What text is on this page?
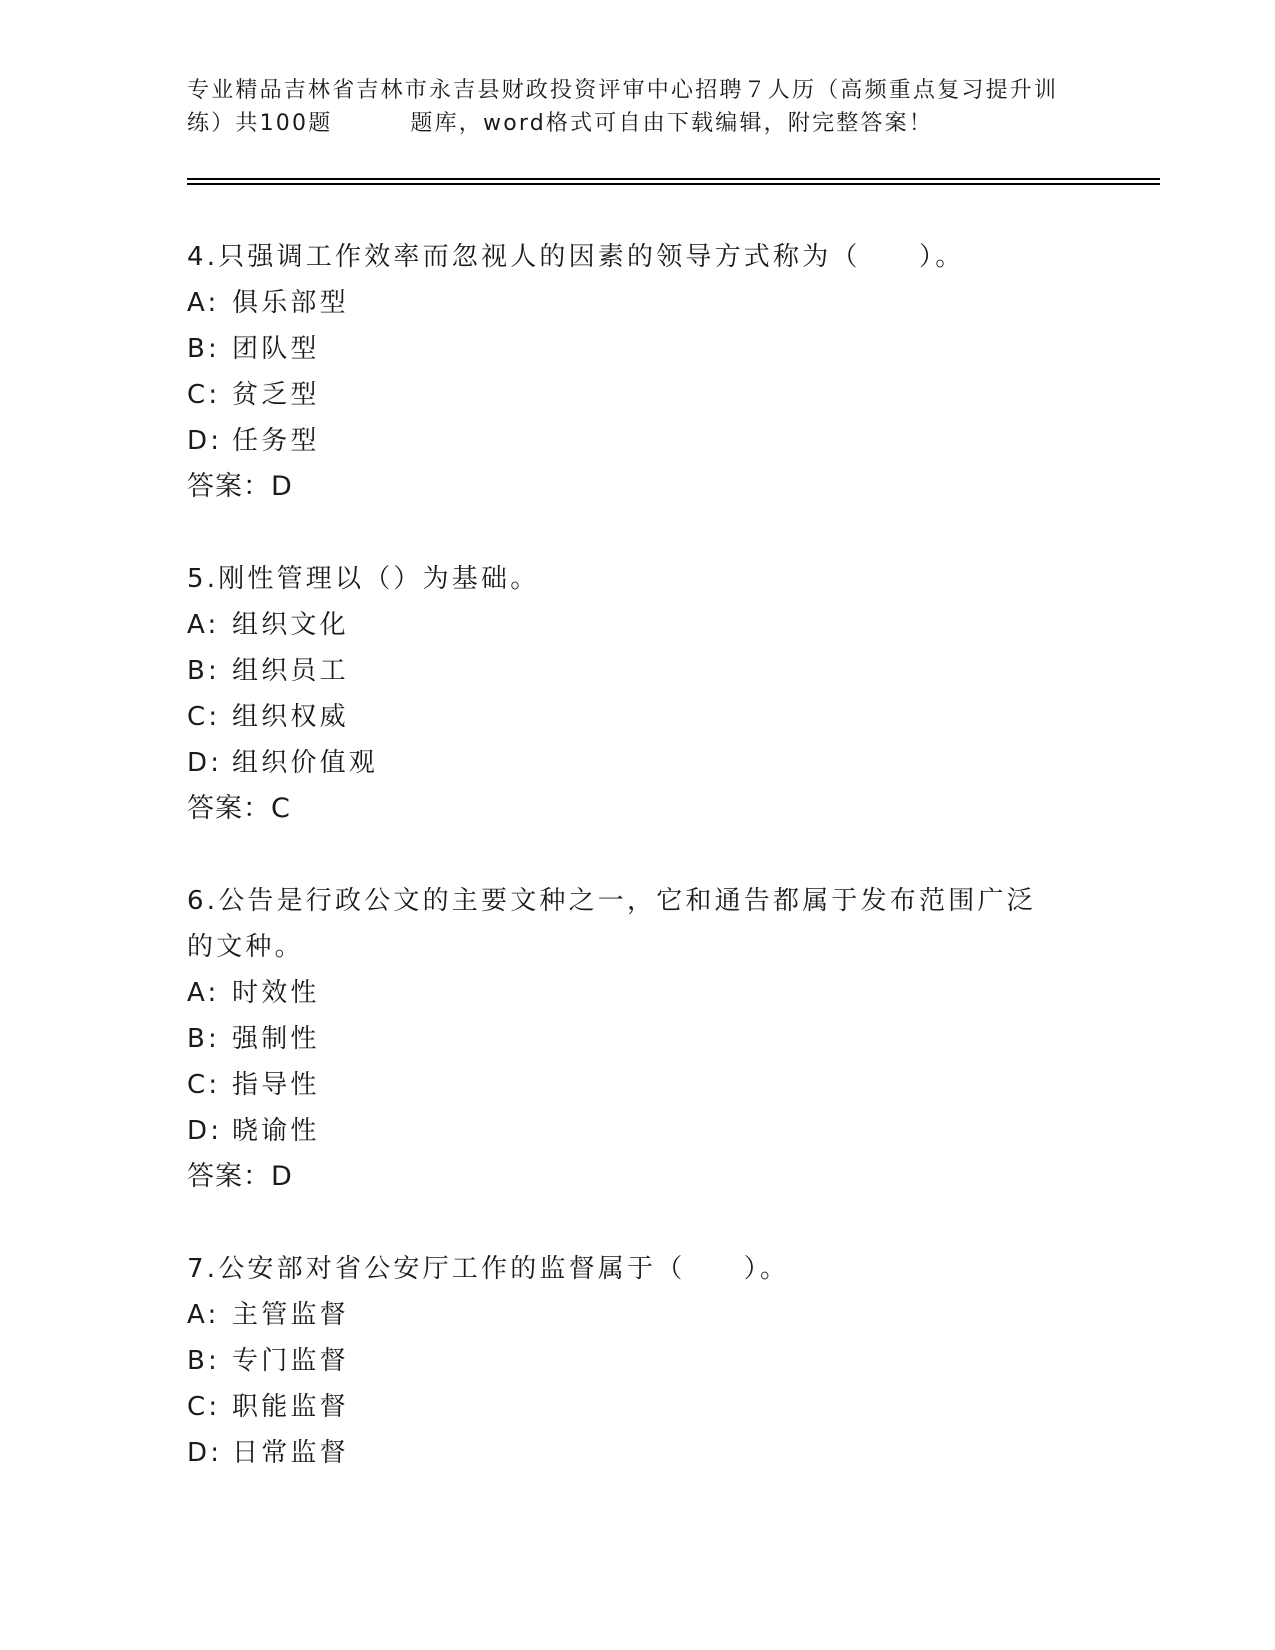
专业精品吉林省吉林市永吉县财政投资评审中心招聘７人历（高频重点复习提升训
练）共100题	题库，word格式可自由下载编辑，附完整答案！
4.只强调工作效率而忽视人的因素的领导方式称为（　　）。
A: 俱乐部型
B: 团队型
C: 贫乏型
D: 任务型
答案：D
5.刚性管理以（）为基础。
A: 组织文化
B: 组织员工
C: 组织权威
D: 组织价值观
答案：C
6.公告是行政公文的主要文种之一，它和通告都属于发布范围广泛的文种。
A: 时效性
B: 强制性
C: 指导性
D: 晓谕性
答案：D
7.公安部对省公安厅工作的监督属于（　　）。
A: 主管监督
B: 专门监督
C: 职能监督
D: 日常监督
